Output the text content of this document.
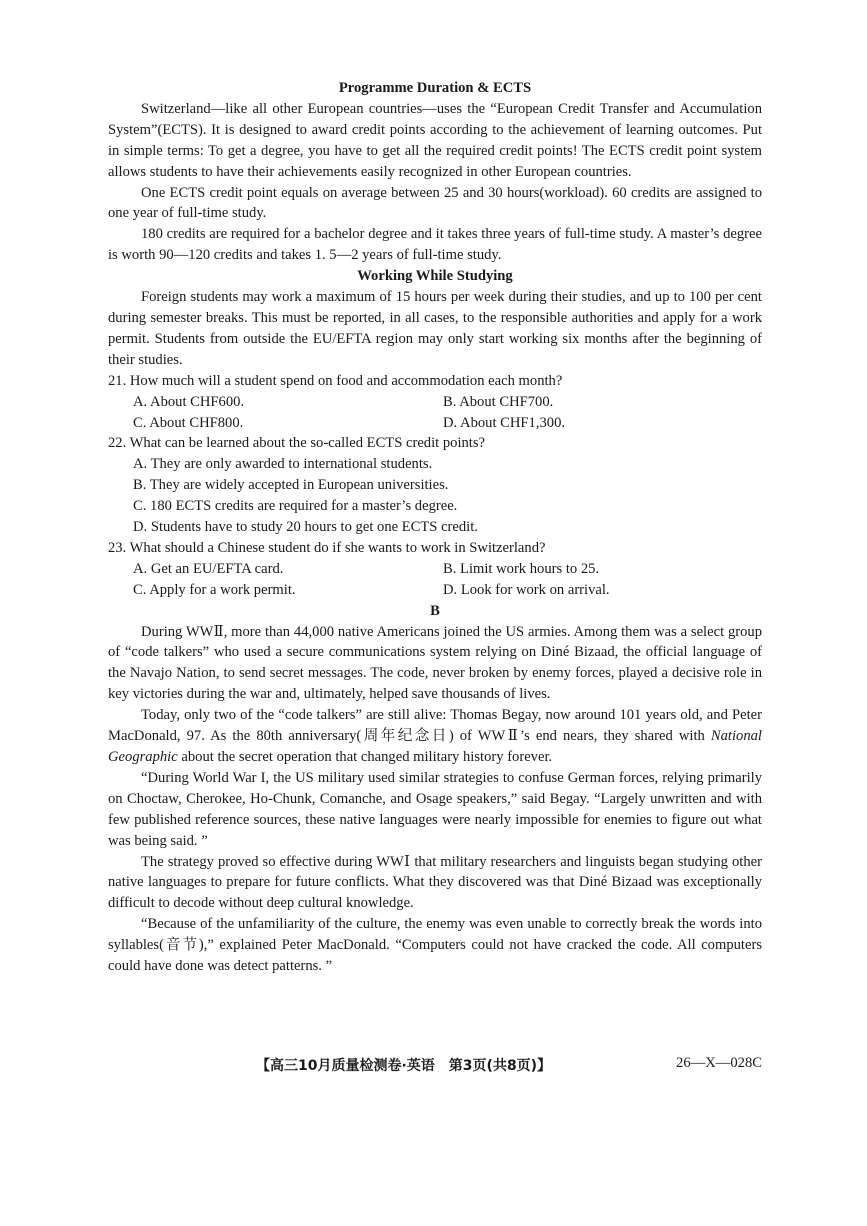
Programme Duration & ECTS

Switzerland—like all other European countries—uses the “European Credit Transfer and Accumulation System”(ECTS). It is designed to award credit points according to the achievement of learning outcomes. Put in simple terms: To get a degree, you have to get all the required credit points! The ECTS credit point system allows students to have their achievements easily recognized in other European countries.

One ECTS credit point equals on average between 25 and 30 hours(workload). 60 credits are assigned to one year of full-time study.

180 credits are required for a bachelor degree and it takes three years of full-time study. A master’s degree is worth 90—120 credits and takes 1. 5—2 years of full-time study.

Working While Studying

Foreign students may work a maximum of 15 hours per week during their studies, and up to 100 per cent during semester breaks. This must be reported, in all cases, to the responsible authorities and apply for a work permit. Students from outside the EU/EFTA region may only start working six months after the beginning of their studies.

21. How much will a student spend on food and accommodation each month?

A. About CHF600.	B. About CHF700.
C. About CHF800.	D. About CHF1,300.

22. What can be learned about the so-called ECTS credit points?

A. They are only awarded to international students.
B. They are widely accepted in European universities.
C. 180 ECTS credits are required for a master’s degree.
D. Students have to study 20 hours to get one ECTS credit.

23. What should a Chinese student do if she wants to work in Switzerland?

A. Get an EU/EFTA card.	B. Limit work hours to 25.
C. Apply for a work permit.	D. Look for work on arrival.
B

During WWⅡ, more than 44,000 native Americans joined the US armies. Among them was a select group of “code talkers” who used a secure communications system relying on Diné Bizaad, the official language of the Navajo Nation, to send secret messages. The code, never broken by enemy forces, played a decisive role in key victories during the war and, ultimately, helped save thousands of lives.

Today, only two of the “code talkers” are still alive: Thomas Begay, now around 101 years old, and Peter MacDonald, 97. As the 80th anniversary(周年纪念日) of WWⅡ’s end nears, they shared with National Geographic about the secret operation that changed military history forever.

“During World War I, the US military used similar strategies to confuse German forces, relying primarily on Choctaw, Cherokee, Ho-Chunk, Comanche, and Osage speakers,” said Begay. “Largely unwritten and with few published reference sources, these native languages were nearly impossible for enemies to figure out what was being said. ”

The strategy proved so effective during WWⅠ that military researchers and linguists began studying other native languages to prepare for future conflicts. What they discovered was that Diné Bizaad was exceptionally difficult to decode without deep cultural knowledge.

“Because of the unfamiliarity of the culture, the enemy was even unable to correctly break the words into syllables(音节),” explained Peter MacDonald. “Computers could not have cracked the code. All computers could have done was detect patterns. ”

【高三10月质量检测卷·英语　第3页(共8页)】	26—X—028C
